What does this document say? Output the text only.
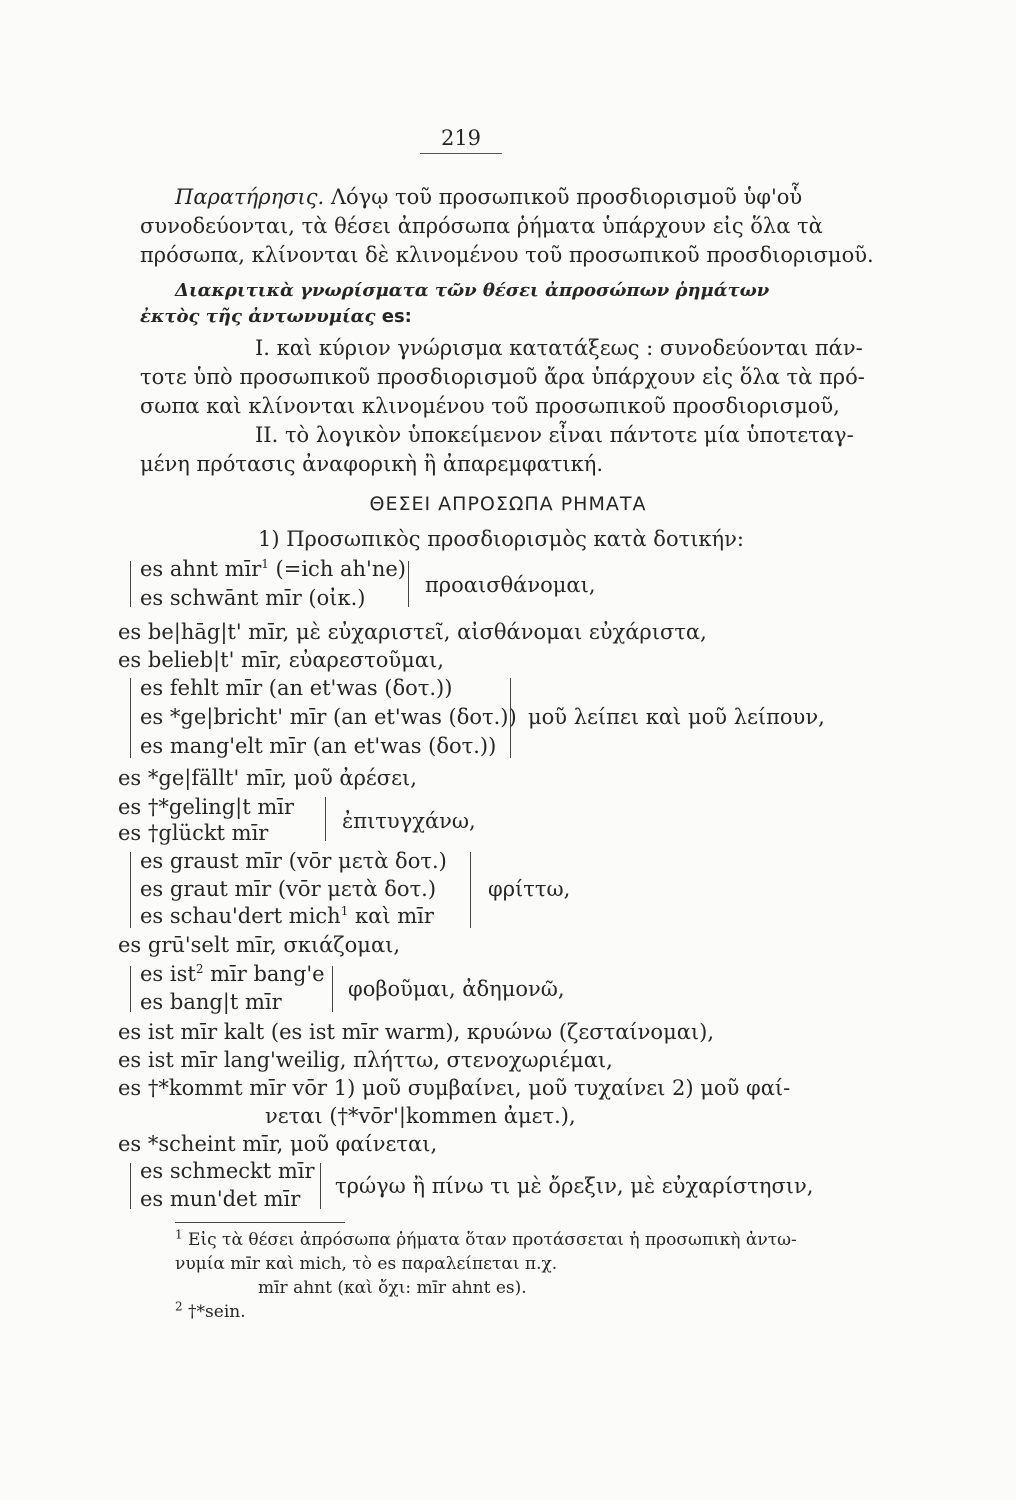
219
Παρατήρησις. Λόγῳ τοῦ προσωπικοῦ προσδιορισμοῦ ὑφ'οὗ
συνοδεύονται, τὰ θέσει ἀπρόσωπα ῥήματα ὑπάρχουν εἰς ὅλα τὰ
πρόσωπα, κλίνονται δὲ κλινομένου τοῦ προσωπικοῦ προσδιορισμοῦ.
Διακριτικὰ γνωρίσματα τῶν θέσει ἀπροσώπων ῥημάτων
ἐκτὸς τῆς ἀντωνυμίας es:
I. καὶ κύριον γνώρισμα κατατάξεως : συνοδεύονται πάν-
τοτε ὑπὸ προσωπικοῦ προσδιορισμοῦ ἄρα ὑπάρχουν εἰς ὅλα τὰ πρό-
σωπα καὶ κλίνονται κλινομένου τοῦ προσωπικοῦ προσδιορισμοῦ,
II. τὸ λογικὸν ὑποκείμενον εἶναι πάντοτε μία ὑποτεταγ-
μένη πρότασις ἀναφορικὴ ἢ ἀπαρεμφατική.
ΘΕΣΕΙ ΑΠΡΟΣΩΠΑ ΡΗΜΑΤΑ
1) Προσωπικὸς προσδιορισμὸς κατὰ δοτικήν:
es ahnt mīr$^1$ (=ich ah'ne)
es schwānt mīr (οἰκ.)
προαισθάνομαι,
es be|hāg|t' mīr, μὲ εὐχαριστεῖ, αἰσθάνομαι εὐχάριστα,
es belieb|t' mīr, εὐαρεστοῦμαι,
es fehlt mīr (an et'was (δοτ.))
es *ge|bricht' mīr (an et'was (δοτ.))
es mang'elt mīr (an et'was (δοτ.))
μοῦ λείπει καὶ μοῦ λείπουν,
es *ge|fällt' mīr, μοῦ ἀρέσει,
es †*geling|t mīr
es †glückt mīr	ἐπιτυγχάνω,
es graust mīr (vōr μετὰ δοτ.)
es graut mīr (vōr μετὰ δοτ.)
es schau'dert mich$^1$ καὶ mīr
φρίττω,
es grū'selt mīr, σκιάζομαι,
es ist$^2$ mīr bang'e
es bang|t mīr
φοβοῦμαι, ἀδημονῶ,
es ist mīr kalt (es ist mīr warm), κρυώνω (ζεσταίνομαι),
es ist mīr lang'weilig, πλήττω, στενοχωριέμαι,
es †*kommt mīr vōr 1) μοῦ συμβαίνει, μοῦ τυχαίνει 2) μοῦ φαί-
νεται (†*vōr'|kommen ἀμετ.),
es *scheint mīr, μοῦ φαίνεται,
es schmeckt mīr
es mun'det mīr
τρώγω ἢ πίνω τι μὲ ὄρεξιν, μὲ εὐχαρίστησιν,
$^1$ Εἰς τὰ θέσει ἀπρόσωπα ῥήματα ὅταν προτάσσεται ἡ προσωπικὴ ἀντω-
νυμία mīr καὶ mich, τὸ es παραλείπεται π.χ.
mīr ahnt (καὶ ὄχι: mīr ahnt es).
$^2$ †*sein.
